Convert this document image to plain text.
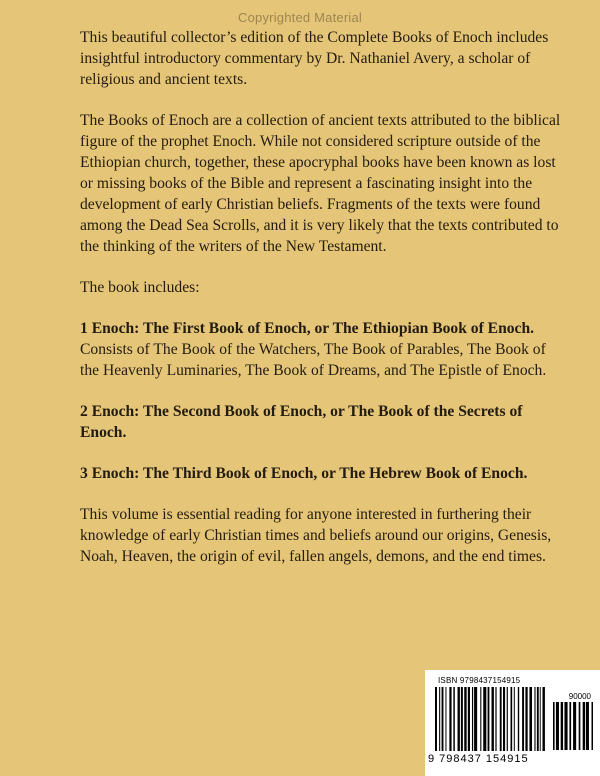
Copyrighted Material

This beautiful collector’s edition of the Complete Books of Enoch includes insightful introductory commentary by Dr. Nathaniel Avery, a scholar of religious and ancient texts.

The Books of Enoch are a collection of ancient texts attributed to the biblical figure of the prophet Enoch. While not considered scripture outside of the Ethiopian church, together, these apocryphal books have been known as lost or missing books of the Bible and represent a fascinating insight into the development of early Christian beliefs. Fragments of the texts were found among the Dead Sea Scrolls, and it is very likely that the texts contributed to the thinking of the writers of the New Testament.

The book includes:

1 Enoch: The First Book of Enoch, or The Ethiopian Book of Enoch.

Consists of The Book of the Watchers, The Book of Parables, The Book of the Heavenly Luminaries, The Book of Dreams, and The Epistle of Enoch.

2 Enoch: The Second Book of Enoch, or The Book of the Secrets of Enoch.
3 Enoch: The Third Book of Enoch, or The Hebrew Book of Enoch.

This volume is essential reading for anyone interested in furthering their knowledge of early Christian times and beliefs around our origins, Genesis, Noah, Heaven, the origin of evil, fallen angels, demons, and the end times.

ISBN 9798437154915
90000
9 798437 154915
